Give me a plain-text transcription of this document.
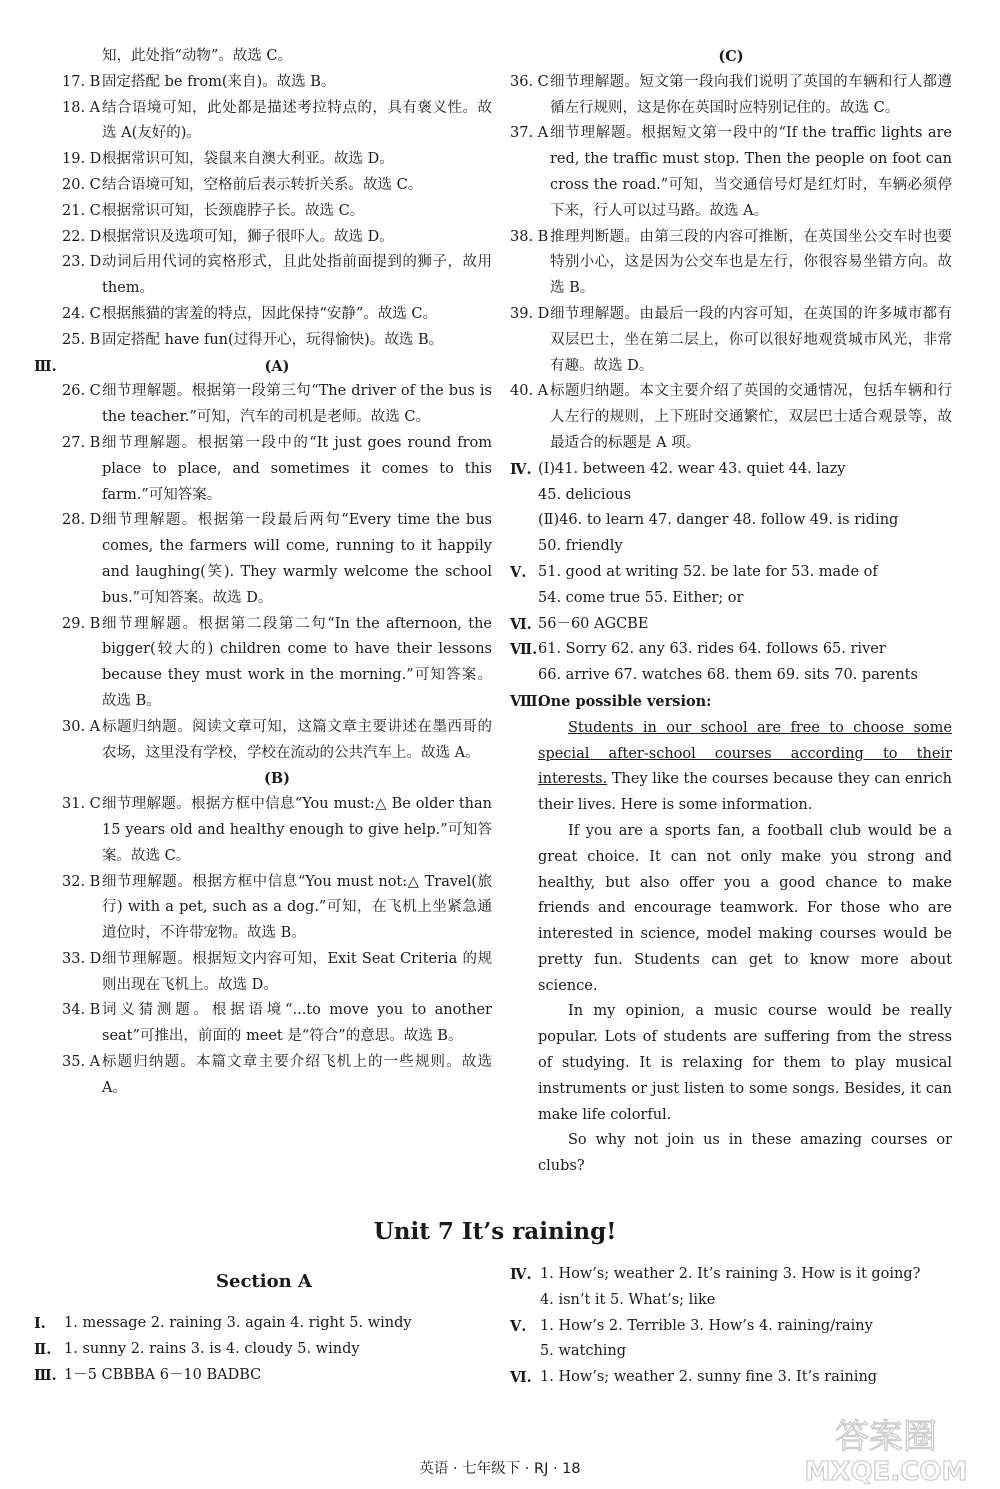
知，此处指“动物”。故选 C。
17. B 固定搭配 be from(来自)。故选 B。
18. A 结合语境可知，此处都是描述考拉特点的，具有褒义性。故选 A(友好的)。
19. D 根据常识可知，袋鼠来自澳大利亚。故选 D。
20. C 结合语境可知，空格前后表示转折关系。故选 C。
21. C 根据常识可知，长颈鹿脖子长。故选 C。
22. D 根据常识及选项可知，狮子很吓人。故选 D。
23. D 动词后用代词的宾格形式，且此处指前面提到的狮子，故用 them。
24. C 根据熊猫的害羞的特点，因此保持“安静”。故选 C。
25. B 固定搭配 have fun(过得开心，玩得愉快)。故选 B。
Ⅲ.	(A)
26. C 细节理解题。根据第一段第三句“The driver of the bus is the teacher.”可知，汽车的司机是老师。故选 C。
27. B 细节理解题。根据第一段中的“It just goes round from place to place, and sometimes it comes to this farm.”可知答案。
28. D 细节理解题。根据第一段最后两句“Every time the bus comes, the farmers will come, running to it happily and laughing(笑). They warmly welcome the school bus.”可知答案。故选 D。
29. B 细节理解题。根据第二段第二句“In the afternoon, the bigger(较大的) children come to have their lessons because they must work in the morning.”可知答案。故选 B。
30. A 标题归纳题。阅读文章可知，这篇文章主要讲述在墨西哥的农场，这里没有学校，学校在流动的公共汽车上。故选 A。
(B)
31. C 细节理解题。根据方框中信息“You must:△ Be older than 15 years old and healthy enough to give help.”可知答案。故选 C。
32. B 细节理解题。根据方框中信息“You must not:△ Travel(旅行) with a pet, such as a dog.”可知，在飞机上坐紧急通道位时，不许带宠物。故选 B。
33. D 细节理解题。根据短文内容可知，Exit Seat Criteria 的规则出现在飞机上。故选 D。
34. B 词义猜测题。根据语境“...to move you to another seat”可推出，前面的 meet 是“符合”的意思。故选 B。
35. A 标题归纳题。本篇文章主要介绍飞机上的一些规则。故选 A。
(C)
36. C 细节理解题。短文第一段向我们说明了英国的车辆和行人都遵循左行规则，这是你在英国时应特别记住的。故选 C。
37. A 细节理解题。根据短文第一段中的“If the traffic lights are red, the traffic must stop. Then the people on foot can cross the road.”可知，当交通信号灯是红灯时，车辆必须停下来，行人可以过马路。故选 A。
38. B 推理判断题。由第三段的内容可推断，在英国坐公交车时也要特别小心，这是因为公交车也是左行，你很容易坐错方向。故选 B。
39. D 细节理解题。由最后一段的内容可知，在英国的许多城市都有双层巴士，坐在第二层上，你可以很好地观赏城市风光，非常有趣。故选 D。
40. A 标题归纳题。本文主要介绍了英国的交通情况，包括车辆和行人左行的规则，上下班时交通繁忙，双层巴士适合观景等，故最适合的标题是 A 项。
Ⅳ. (Ⅰ)41. between 42. wear 43. quiet 44. lazy
45. delicious
(Ⅱ)46. to learn 47. danger 48. follow 49. is riding
50. friendly
Ⅴ. 51. good at writing 52. be late for 53. made of
54. come true 55. Either; or
Ⅵ. 56－60 AGCBE
Ⅶ. 61. Sorry 62. any 63. rides 64. follows 65. river
66. arrive 67. watches 68. them 69. sits 70. parents
Ⅷ.
One possible version:

Students in our school are free to choose some special after-school courses according to their interests. They like the courses because they can enrich their lives. Here is some information.

If you are a sports fan, a football club would be a great choice. It can not only make you strong and healthy, but also offer you a good chance to make friends and encourage teamwork. For those who are interested in science, model making courses would be pretty fun. Students can get to know more about science.

In my opinion, a music course would be really popular. Lots of students are suffering from the stress of studying. It is relaxing for them to play musical instruments or just listen to some songs. Besides, it can make life colorful.

So why not join us in these amazing courses or clubs?

Unit 7 It’s raining!
Section A
Ⅰ. 1. message 2. raining 3. again 4. right 5. windy
Ⅱ. 1. sunny 2. rains 3. is 4. cloudy 5. windy
Ⅲ. 1－5 CBBBA 6－10 BADBC
Ⅳ. 1. How’s; weather 2. It’s raining 3. How is it going?
4. isn’t it 5. What’s; like
Ⅴ. 1. How’s 2. Terrible 3. How’s 4. raining/rainy
5. watching
Ⅵ. 1. How’s; weather 2. sunny fine 3. It’s raining
英语 · 七年级下 · RJ · 18
答案圈
MXQE.COM
